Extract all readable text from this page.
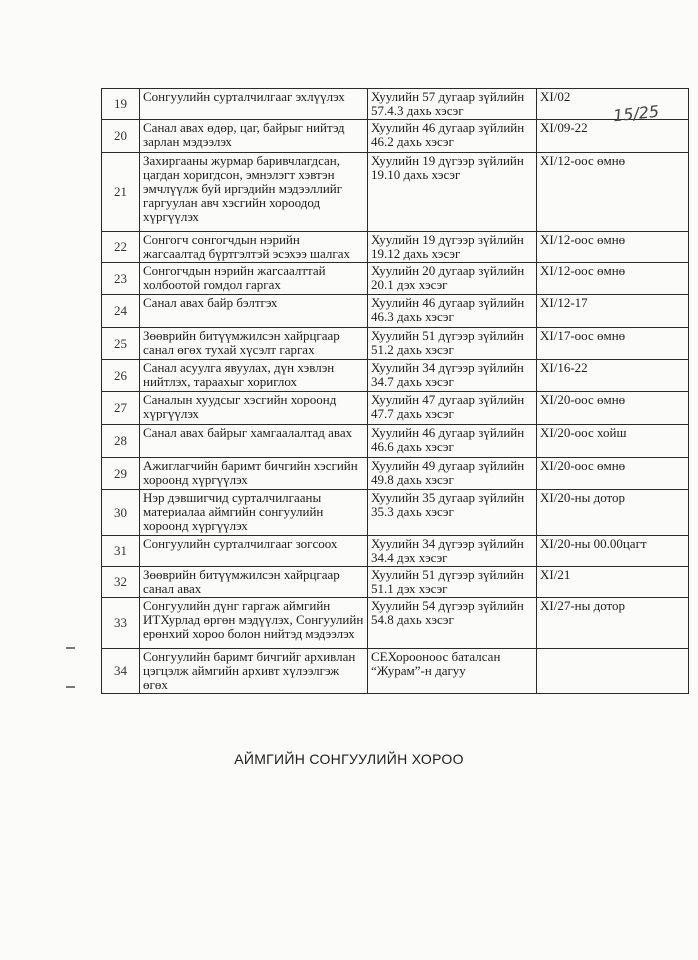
19	Сонгуулийн сурталчилгааг эхлүүлэх	Хуулийн 57 дугаар зүйлийн 57.4.3 дахь хэсэг	XI/02
20	Санал авах өдөр, цаг, байрыг нийтэд зарлан мэдээлэх	Хуулийн 46 дугаар зүйлийн 46.2 дахь хэсэг	XI/09-22
21	Захиргааны журмар баривчлагдсан, цагдан хоригдсон, эмнэлэгт хэвтэн эмчлүүлж буй иргэдийн мэдээллийг гаргуулан авч хэсгийн хороодод хүргүүлэх	Хуулийн 19 дүгээр зүйлийн 19.10 дахь хэсэг	XI/12-оос өмнө
22	Сонгогч сонгогчдын нэрийн жагсаалтад бүртгэлтэй эсэхээ шалгах	Хуулийн 19 дүгээр зүйлийн 19.12 дахь хэсэг	XI/12-оос өмнө
23	Сонгогчдын нэрийн жагсаалттай холбоотой гомдол гаргах	Хуулийн 20 дугаар зүйлийн 20.1 дэх хэсэг	XI/12-оос өмнө
24	Санал авах байр бэлтгэх	Хуулийн 46 дугаар зүйлийн 46.3 дахь хэсэг	XI/12-17
25	Зөөврийн битүүмжилсэн хайрцгаар санал өгөх тухай хүсэлт гаргах	Хуулийн 51 дүгээр зүйлийн 51.2 дахь хэсэг	XI/17-оос өмнө
26	Санал асуулга явуулах, дүн хэвлэн нийтлэх, тараахыг хориглох	Хуулийн 34 дүгээр зүйлийн 34.7 дахь хэсэг	XI/16-22
27	Саналын хуудсыг хэсгийн хороонд хүргүүлэх	Хуулийн 47 дугаар зүйлийн 47.7 дахь хэсэг	XI/20-оос өмнө
28	Санал авах байрыг хамгаалалтад авах	Хуулийн 46 дугаар зүйлийн 46.6 дахь хэсэг	XI/20-оос хойш
29	Ажиглагчийн баримт бичгийн хэсгийн хороонд хүргүүлэх	Хуулийн 49 дугаар зүйлийн 49.8 дахь хэсэг	XI/20-оос өмнө
30	Нэр дэвшигчид сурталчилгааны материалаа аймгийн сонгуулийн хороонд хүргүүлэх	Хуулийн 35 дугаар зүйлийн 35.3 дахь хэсэг	XI/20-ны дотор
31	Сонгуулийн сурталчилгааг зогсоох	Хуулийн 34 дүгээр зүйлийн 34.4 дэх хэсэг	XI/20-ны 00.00цагт
32	Зөөврийн битүүмжилсэн хайрцгаар санал авах	Хуулийн 51 дүгээр зүйлийн 51.1 дэх хэсэг	XI/21
33	Сонгуулийн дүнг гаргаж аймгийн ИТХурлад өргөн мэдүүлэх, Сонгуулийн ерөнхий хороо болон нийтэд мэдээлэх	Хуулийн 54 дүгээр зүйлийн 54.8 дахь хэсэг	XI/27-ны дотор
34	Сонгуулийн баримт бичгийг архивлан цэгцэлж аймгийн архивт хүлээлгэж өгөх	СЕХорооноос баталсан “Журам”-н дагуу	
15/25
АЙМГИЙН СОНГУУЛИЙН ХОРОО
